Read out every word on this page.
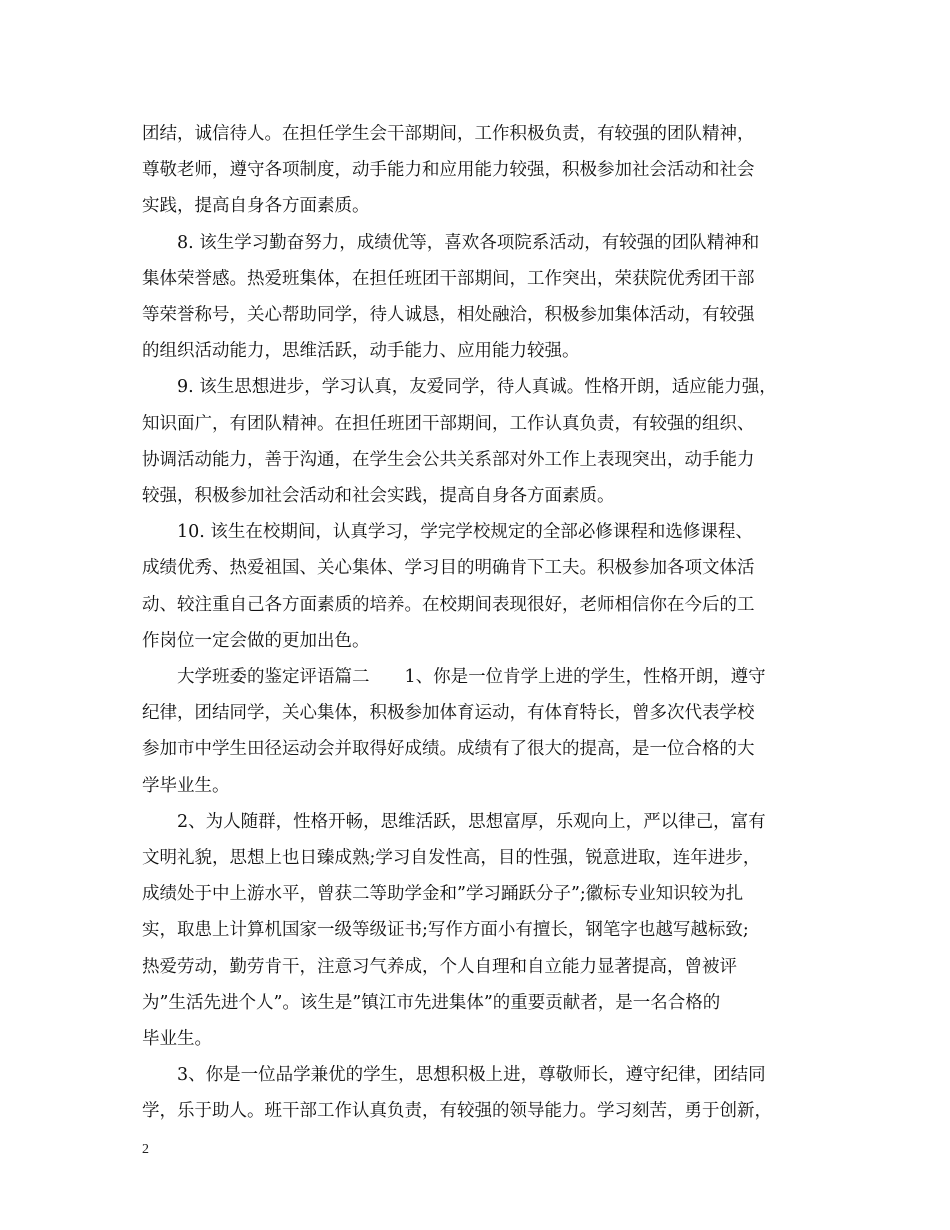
团结，诚信待人。在担任学生会干部期间，工作积极负责，有较强的团队精神，
尊敬老师，遵守各项制度，动手能力和应用能力较强，积极参加社会活动和社会
实践，提高自身各方面素质。

　　8. 该生学习勤奋努力，成绩优等，喜欢各项院系活动，有较强的团队精神和
集体荣誉感。热爱班集体，在担任班团干部期间，工作突出，荣获院优秀团干部
等荣誉称号，关心帮助同学，待人诚恳，相处融洽，积极参加集体活动，有较强
的组织活动能力，思维活跃，动手能力、应用能力较强。

　　9. 该生思想进步，学习认真，友爱同学，待人真诚。性格开朗，适应能力强，
知识面广，有团队精神。在担任班团干部期间，工作认真负责，有较强的组织、
协调活动能力，善于沟通，在学生会公共关系部对外工作上表现突出，动手能力
较强，积极参加社会活动和社会实践，提高自身各方面素质。

　　10. 该生在校期间，认真学习，学完学校规定的全部必修课程和选修课程、
成绩优秀、热爱祖国、关心集体、学习目的明确肯下工夫。积极参加各项文体活
动、较注重自己各方面素质的培养。在校期间表现很好，老师相信你在今后的工
作岗位一定会做的更加出色。

　　大学班委的鉴定评语篇二　　1、你是一位肯学上进的学生，性格开朗，遵守
纪律，团结同学，关心集体，积极参加体育运动，有体育特长，曾多次代表学校
参加市中学生田径运动会并取得好成绩。成绩有了很大的提高，是一位合格的大
学毕业生。

　　2、为人随群，性格开畅，思维活跃，思想富厚，乐观向上，严以律己，富有
文明礼貌，思想上也日臻成熟;学习自发性高，目的性强，锐意进取，连年进步，
成绩处于中上游水平，曾获二等助学金和”学习踊跃分子”;徽标专业知识较为扎
实，取患上计算机国家一级等级证书;写作方面小有擅长，钢笔字也越写越标致;
热爱劳动，勤劳肯干，注意习气养成，个人自理和自立能力显著提高，曾被评
为”生活先进个人”。该生是”镇江市先进集体”的重要贡献者，是一名合格的
毕业生。

　　3、你是一位品学兼优的学生，思想积极上进，尊敬师长，遵守纪律，团结同
学，乐于助人。班干部工作认真负责，有较强的领导能力。学习刻苦，勇于创新，

2
